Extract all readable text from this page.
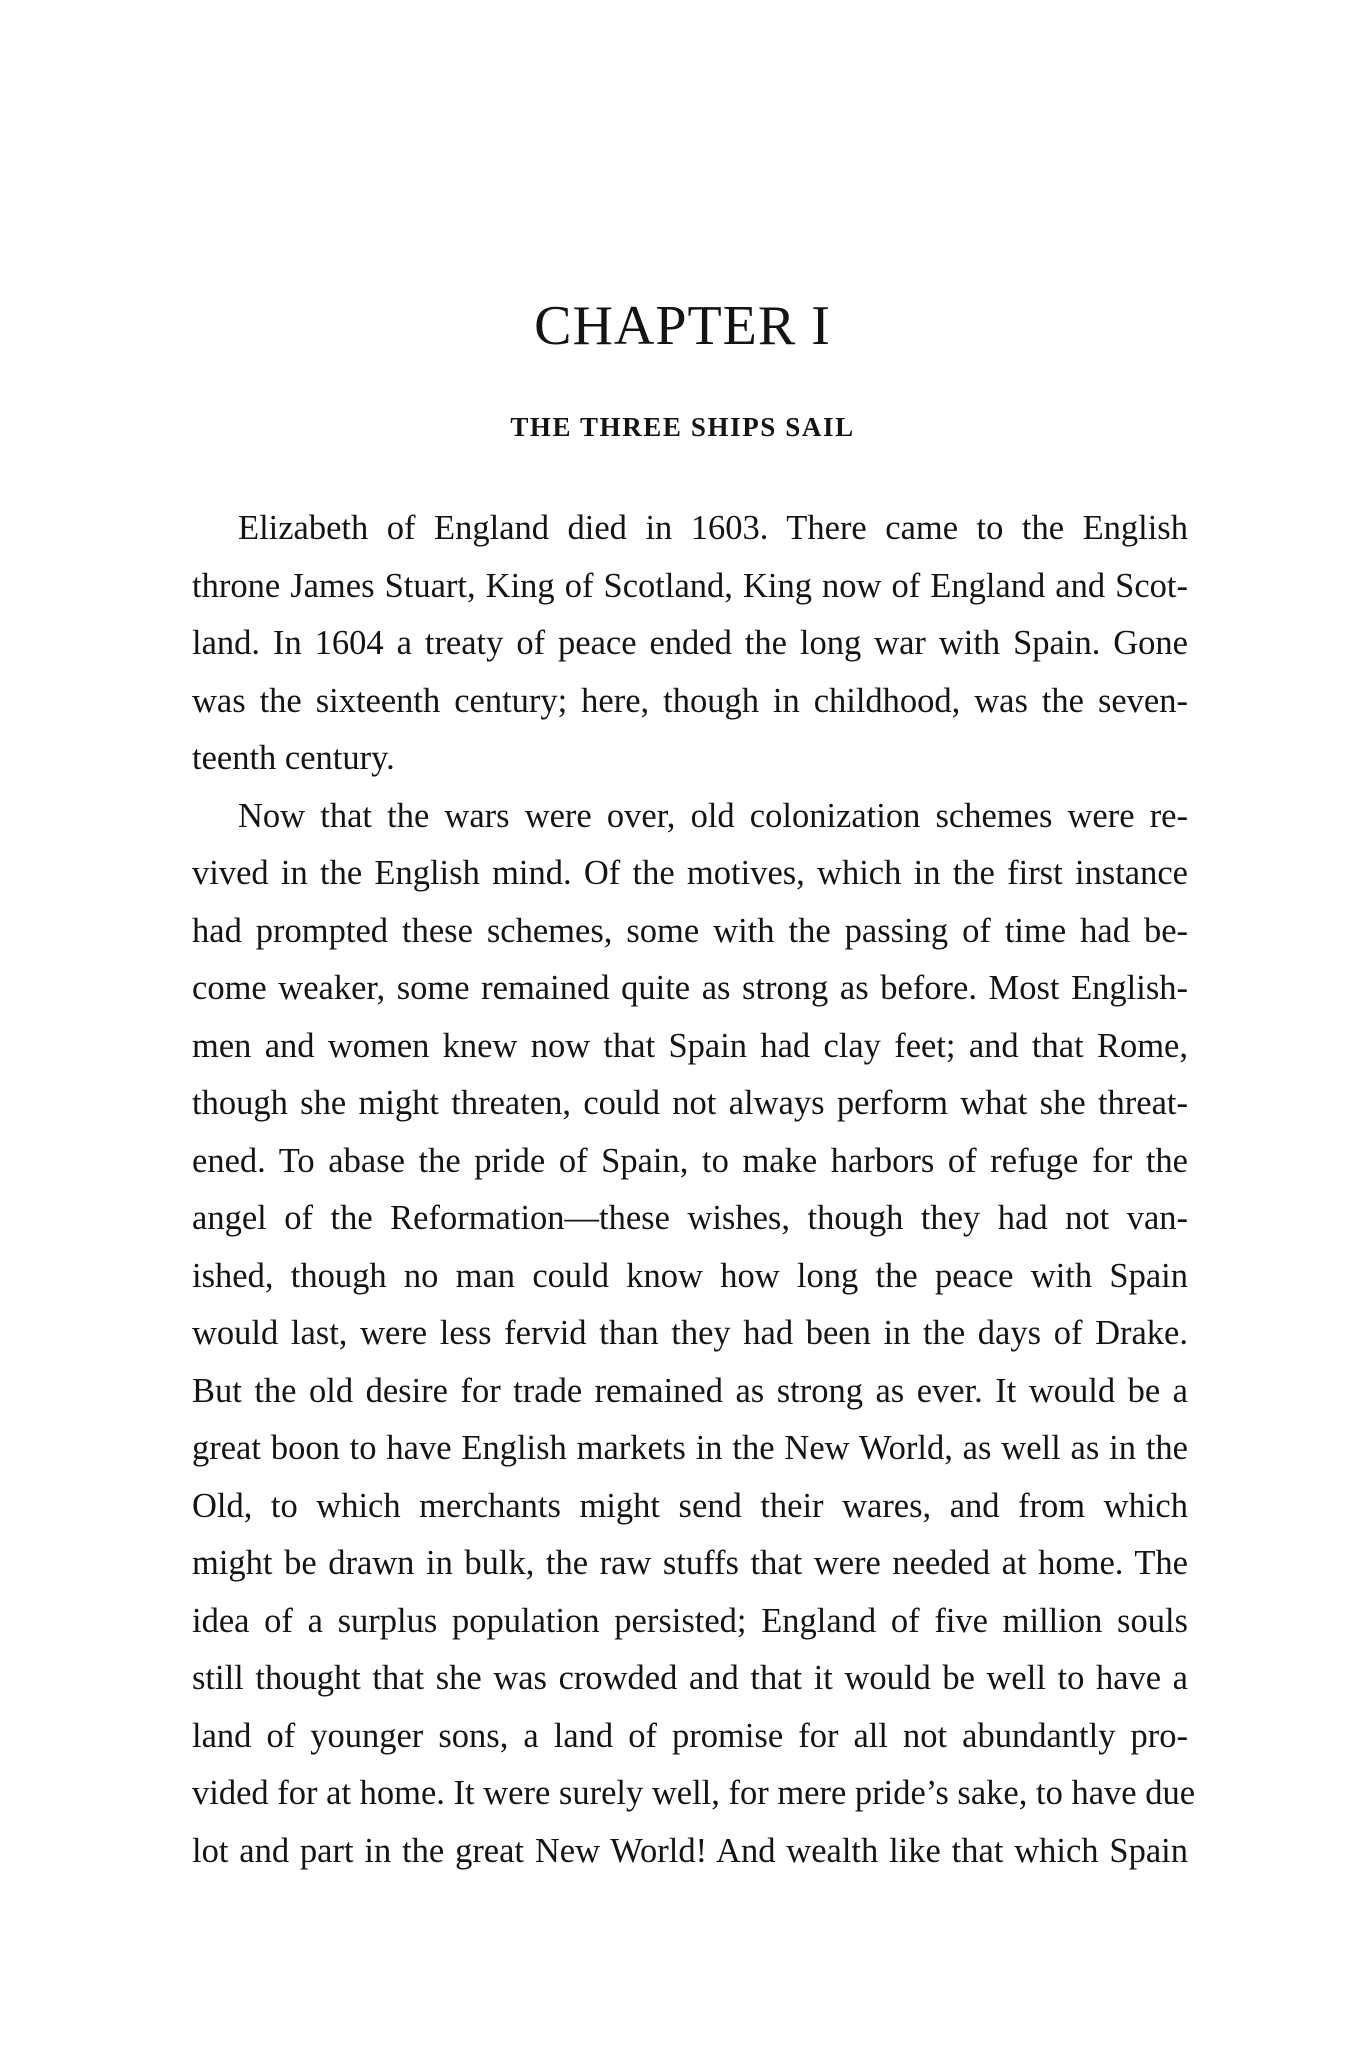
CHAPTER I
THE THREE SHIPS SAIL
Elizabeth of England died in 1603. There came to the English
throne James Stuart, King of Scotland, King now of England and Scot-
land. In 1604 a treaty of peace ended the long war with Spain. Gone
was the sixteenth century; here, though in childhood, was the seven-
teenth century.
Now that the wars were over, old colonization schemes were re-
vived in the English mind. Of the motives, which in the first instance
had prompted these schemes, some with the passing of time had be-
come weaker, some remained quite as strong as before. Most English-
men and women knew now that Spain had clay feet; and that Rome,
though she might threaten, could not always perform what she threat-
ened. To abase the pride of Spain, to make harbors of refuge for the
angel of the Reformation—these wishes, though they had not van-
ished, though no man could know how long the peace with Spain
would last, were less fervid than they had been in the days of Drake.
But the old desire for trade remained as strong as ever. It would be a
great boon to have English markets in the New World, as well as in the
Old, to which merchants might send their wares, and from which
might be drawn in bulk, the raw stuffs that were needed at home. The
idea of a surplus population persisted; England of five million souls
still thought that she was crowded and that it would be well to have a
land of younger sons, a land of promise for all not abundantly pro-
vided for at home. It were surely well, for mere pride’s sake, to have due
lot and part in the great New World! And wealth like that which Spain
